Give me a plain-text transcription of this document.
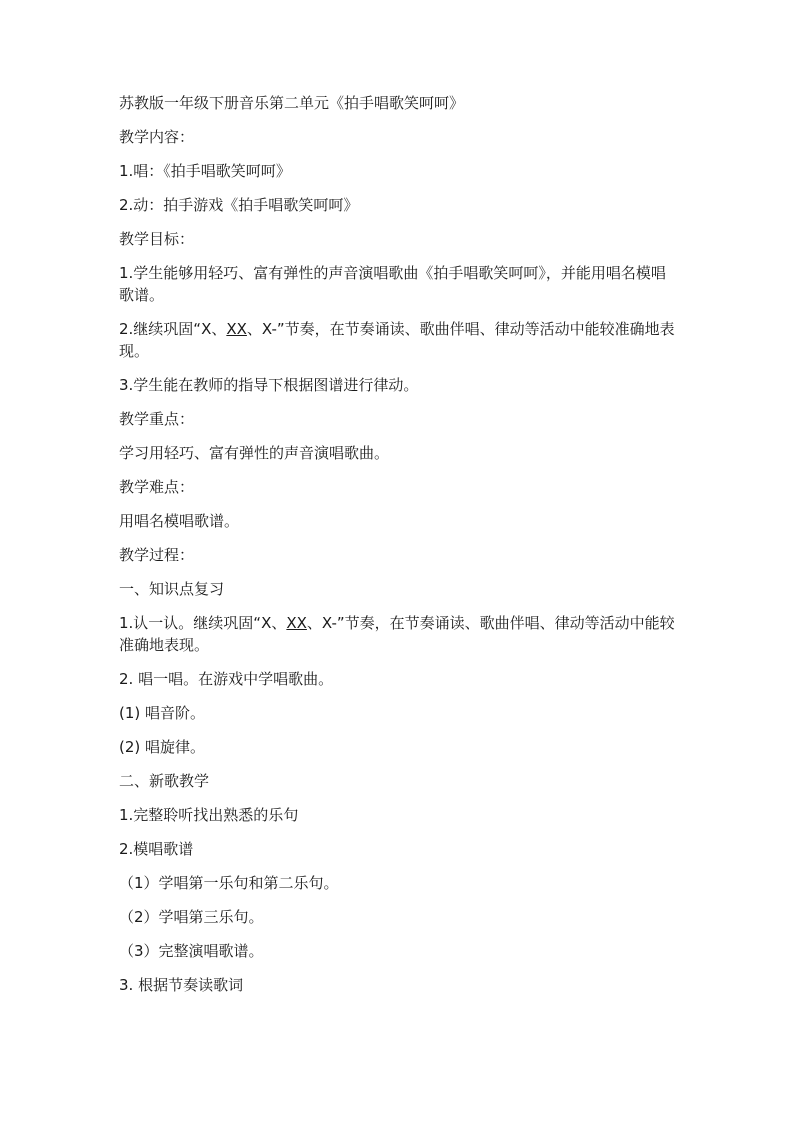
苏教版一年级下册音乐第二单元《拍手唱歌笑呵呵》

教学内容：

1.唱：《拍手唱歌笑呵呵》

2.动：拍手游戏《拍手唱歌笑呵呵》

教学目标：

1.学生能够用轻巧、富有弹性的声音演唱歌曲《拍手唱歌笑呵呵》，并能用唱名模唱歌谱。

2.继续巩固“X、XX、X-”节奏，在节奏诵读、歌曲伴唱、律动等活动中能较准确地表现。

3.学生能在教师的指导下根据图谱进行律动。

教学重点：

学习用轻巧、富有弹性的声音演唱歌曲。

教学难点：

用唱名模唱歌谱。

教学过程：

一、知识点复习

1.认一认。继续巩固“X、XX、X-”节奏，在节奏诵读、歌曲伴唱、律动等活动中能较准确地表现。

2. 唱一唱。在游戏中学唱歌曲。

(1) 唱音阶。

(2) 唱旋律。

二、新歌教学

1.完整聆听找出熟悉的乐句

2.模唱歌谱

（1）学唱第一乐句和第二乐句。

（2）学唱第三乐句。

（3）完整演唱歌谱。

3. 根据节奏读歌词
